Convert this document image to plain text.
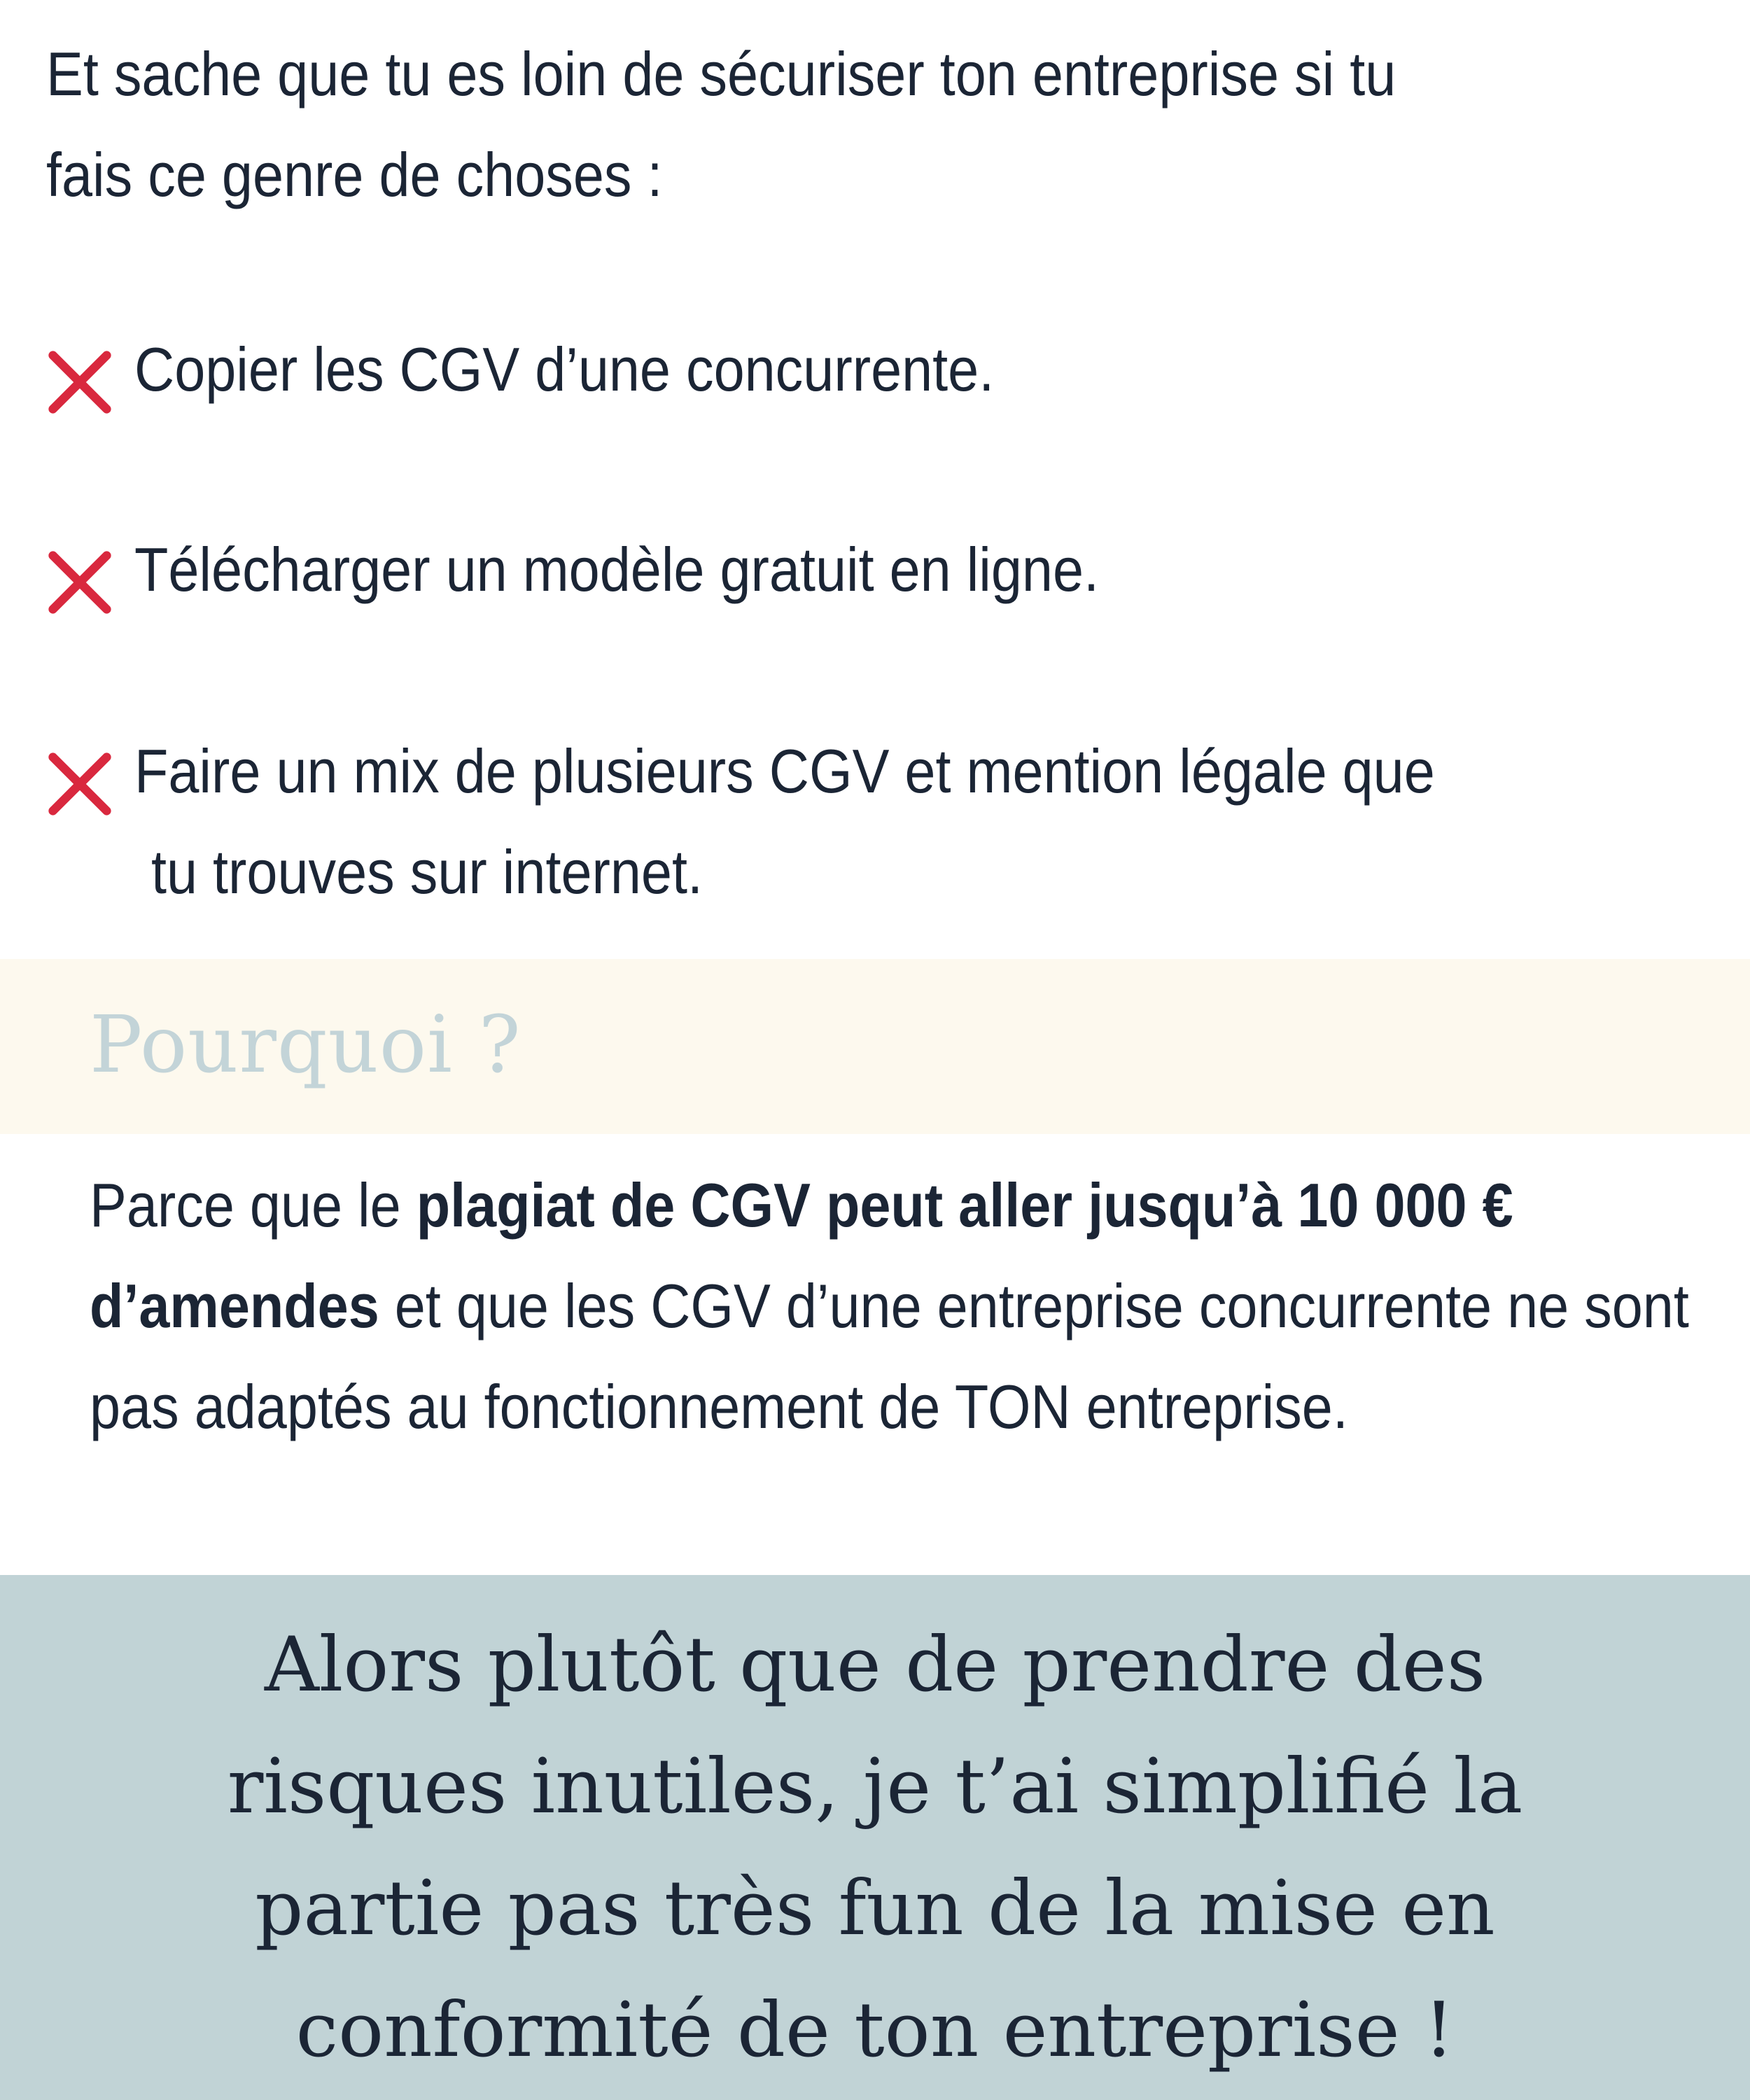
Et sache que tu es loin de sécuriser ton entreprise si tu
fais ce genre de choses :

Copier les CGV d’une concurrente.
Télécharger un modèle gratuit en ligne.
Faire un mix de plusieurs CGV et mention légale que
tu trouves sur internet.
Pourquoi ?

Parce que le plagiat de CGV peut aller jusqu’à 10 000 € d’amendes et que les CGV d’une entreprise concurrente ne sont pas adaptés au fonctionnement de TON entreprise.

Alors plutôt que de prendre des
risques inutiles, je t’ai simplifié la
partie pas très fun de la mise en
conformité de ton entreprise !
